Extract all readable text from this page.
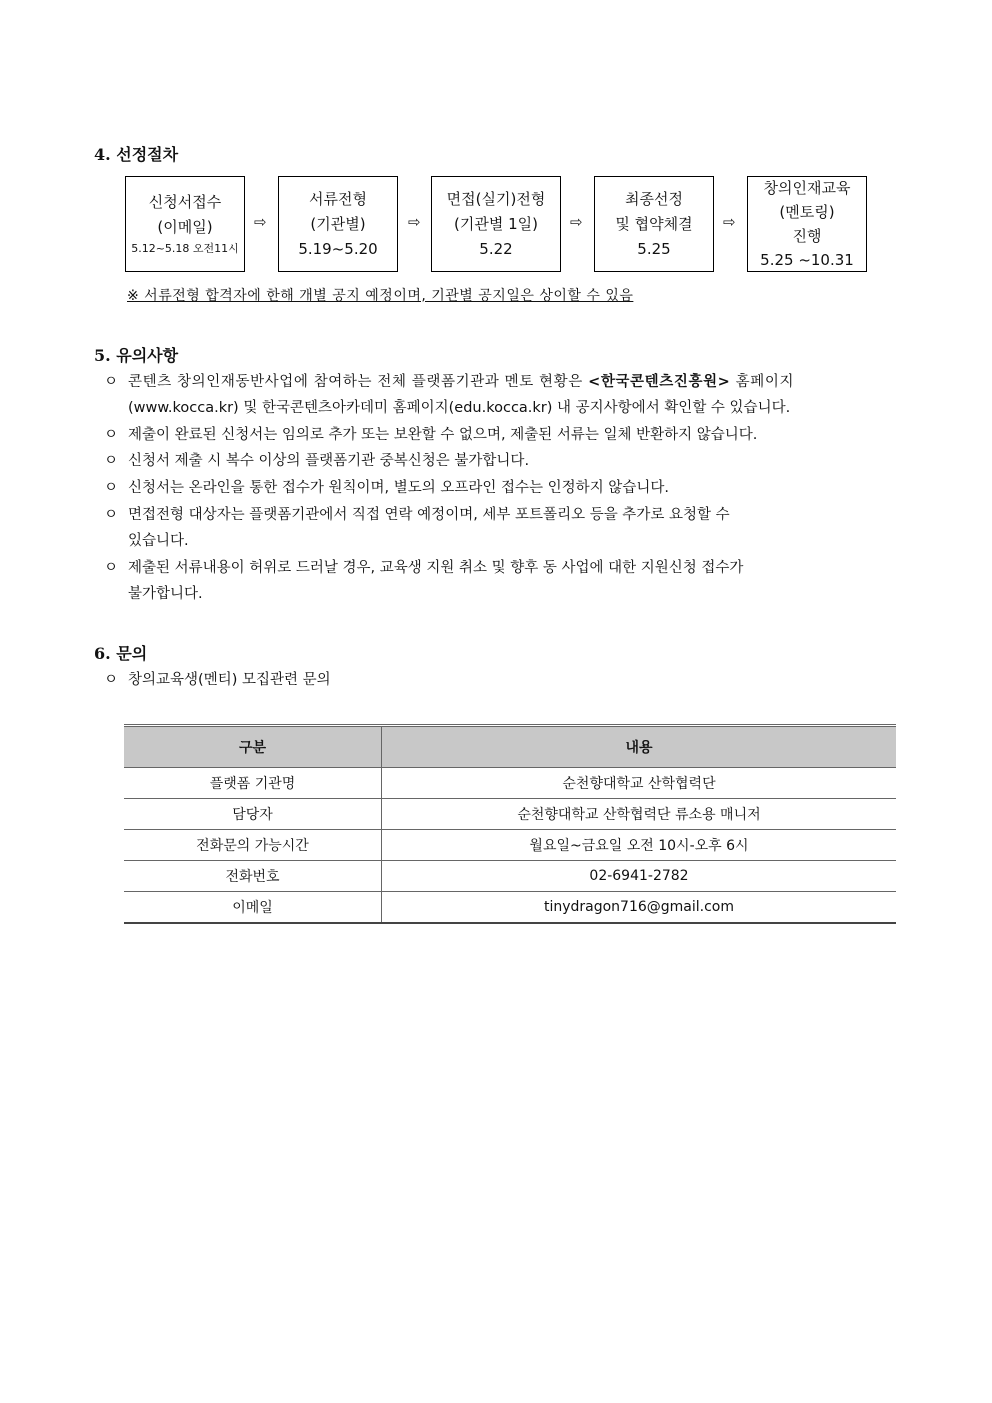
4. 선정절차
신청서접수
(이메일)
5.12~5.18 오전11시
⇨
서류전형
(기관별)
5.19~5.20
⇨
면접(실기)전형
(기관별 1일)
5.22
⇨
최종선정
및 협약체결
5.25
⇨
창의인재교육
(멘토링)
진행
5.25 ~10.31
※ 서류전형 합격자에 한해 개별 공지 예정이며, 기관별 공지일은 상이할 수 있음
5. 유의사항
ㅇ 콘텐츠 창의인재동반사업에 참여하는 전체 플랫폼기관과 멘토 현황은 <한국콘텐츠진흥원> 홈페이지
(www.kocca.kr) 및 한국콘텐츠아카데미 홈페이지(edu.kocca.kr) 내 공지사항에서 확인할 수 있습니다.
ㅇ 제출이 완료된 신청서는 임의로 추가 또는 보완할 수 없으며, 제출된 서류는 일체 반환하지 않습니다.
ㅇ 신청서 제출 시 복수 이상의 플랫폼기관 중복신청은 불가합니다.
ㅇ 신청서는 온라인을 통한 접수가 원칙이며, 별도의 오프라인 접수는 인정하지 않습니다.
ㅇ 면접전형 대상자는 플랫폼기관에서 직접 연락 예정이며, 세부 포트폴리오 등을 추가로 요청할 수
있습니다.
ㅇ 제출된 서류내용이 허위로 드러날 경우, 교육생 지원 취소 및 향후 동 사업에 대한 지원신청 접수가
불가합니다.
6. 문의
ㅇ 창의교육생(멘티) 모집관련 문의
구분	내용
플랫폼 기관명	순천향대학교 산학협력단
담당자	순천향대학교 산학협력단 류소용 매니저
전화문의 가능시간	월요일~금요일 오전 10시-오후 6시
전화번호	02-6941-2782
이메일	tinydragon716@gmail.com
